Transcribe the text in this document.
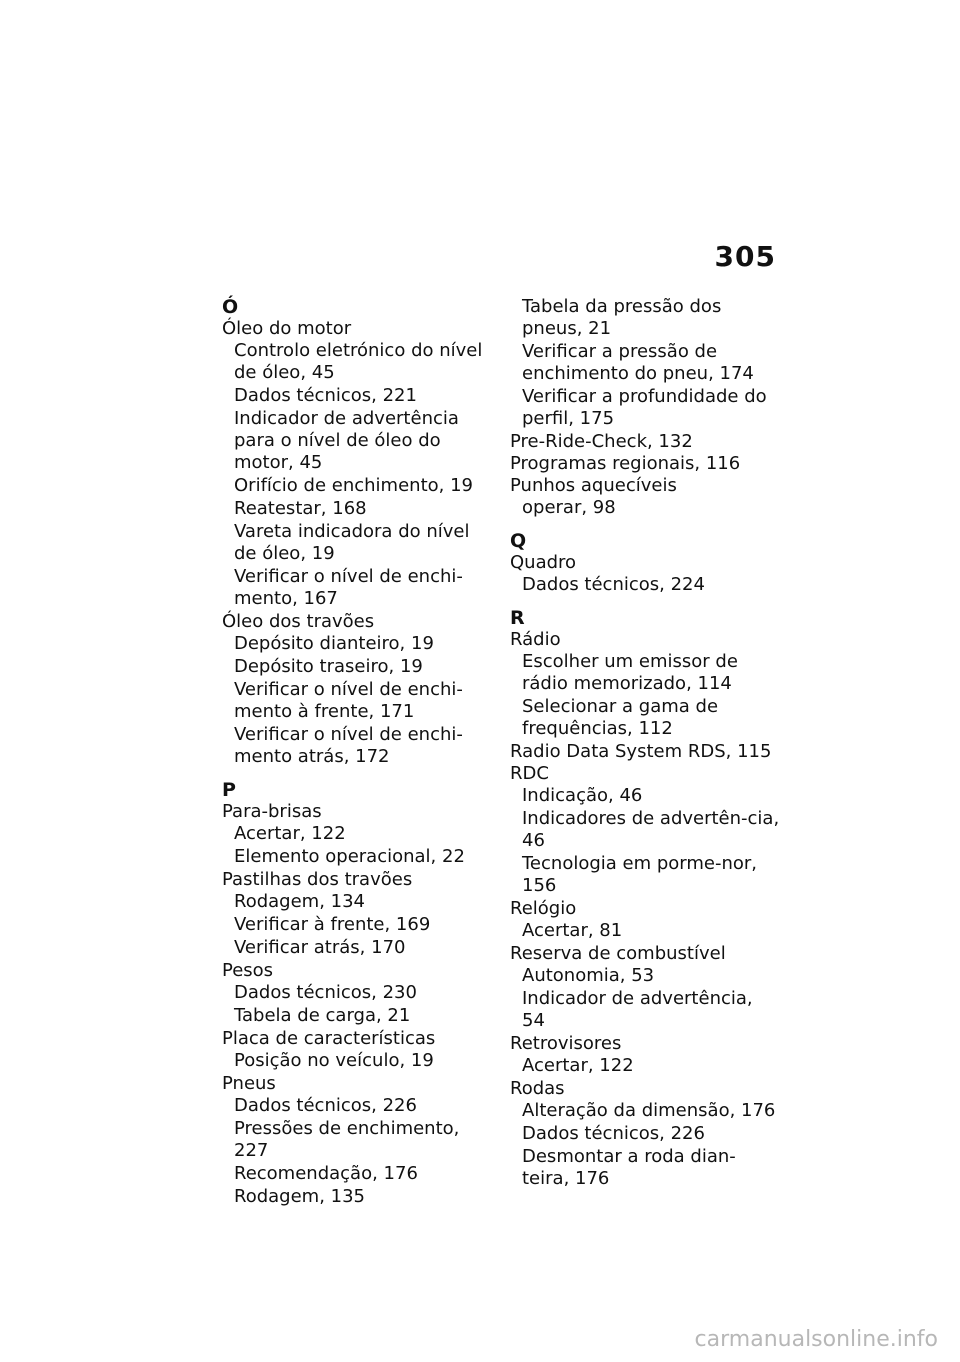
305
Ó
Óleo do motor
Controlo eletrónico do nível de óleo, 45
Dados técnicos, 221
Indicador de advertência para o nível de óleo do motor, 45
Orifício de enchimento, 19
Reatestar, 168
Vareta indicadora do nível de óleo, 19
Verificar o nível de enchi-mento, 167
Óleo dos travões
Depósito dianteiro, 19
Depósito traseiro, 19
Verificar o nível de enchi-mento à frente, 171
Verificar o nível de enchi-mento atrás, 172
P
Para-brisas
Acertar, 122
Elemento operacional, 22
Pastilhas dos travões
Rodagem, 134
Verificar à frente, 169
Verificar atrás, 170
Pesos
Dados técnicos, 230
Tabela de carga, 21
Placa de características
Posição no veículo, 19
Pneus
Dados técnicos, 226
Pressões de enchimento, 227
Recomendação, 176
Rodagem, 135
Tabela da pressão dos pneus, 21
Verificar a pressão de enchimento do pneu, 174
Verificar a profundidade do perfil, 175
Pre-Ride-Check, 132
Programas regionais, 116
Punhos aquecíveis
operar, 98
Q
Quadro
Dados técnicos, 224
R
Rádio
Escolher um emissor de rádio memorizado, 114
Selecionar a gama de frequências, 112
Radio Data System RDS, 115
RDC
Indicação, 46
Indicadores de advertên-cia, 46
Tecnologia em porme-nor, 156
Relógio
Acertar, 81
Reserva de combustível
Autonomia, 53
Indicador de advertência, 54
Retrovisores
Acertar, 122
Rodas
Alteração da dimensão, 176
Dados técnicos, 226
Desmontar a roda dian-teira, 176
carmanualsonline.info
